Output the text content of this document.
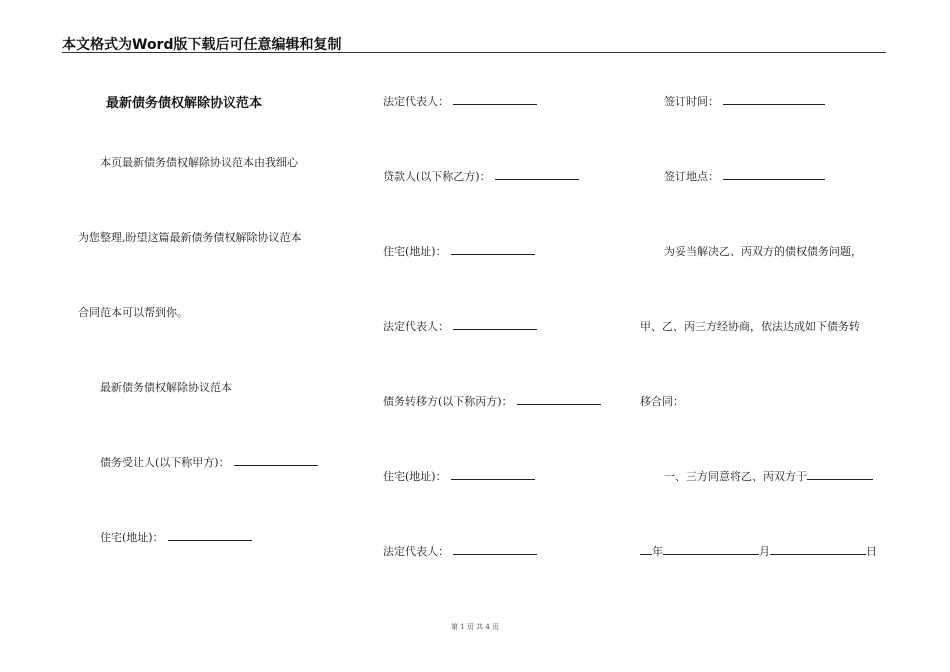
本文格式为Word版下载后可任意编辑和复制
最新债务债权解除协议范本
本页最新债务债权解除协议范本由我细心
为您整理,盼望这篇最新债务债权解除协议范本
合同范本可以帮到你。
最新债务债权解除协议范本
债务受让人(以下称甲方)：
住宅(地址)：
法定代表人：
贷款人(以下称乙方)：
住宅(地址)：
法定代表人：
债务转移方(以下称丙方)：
住宅(地址)：
法定代表人：
签订时间：
签订地点：
为妥当解决乙、丙双方的债权债务问题，
甲、乙、丙三方经协商，依法达成如下债务转
移合同：
一、三方同意将乙、丙双方于
年	月	日
第 1 页 共 4 页
